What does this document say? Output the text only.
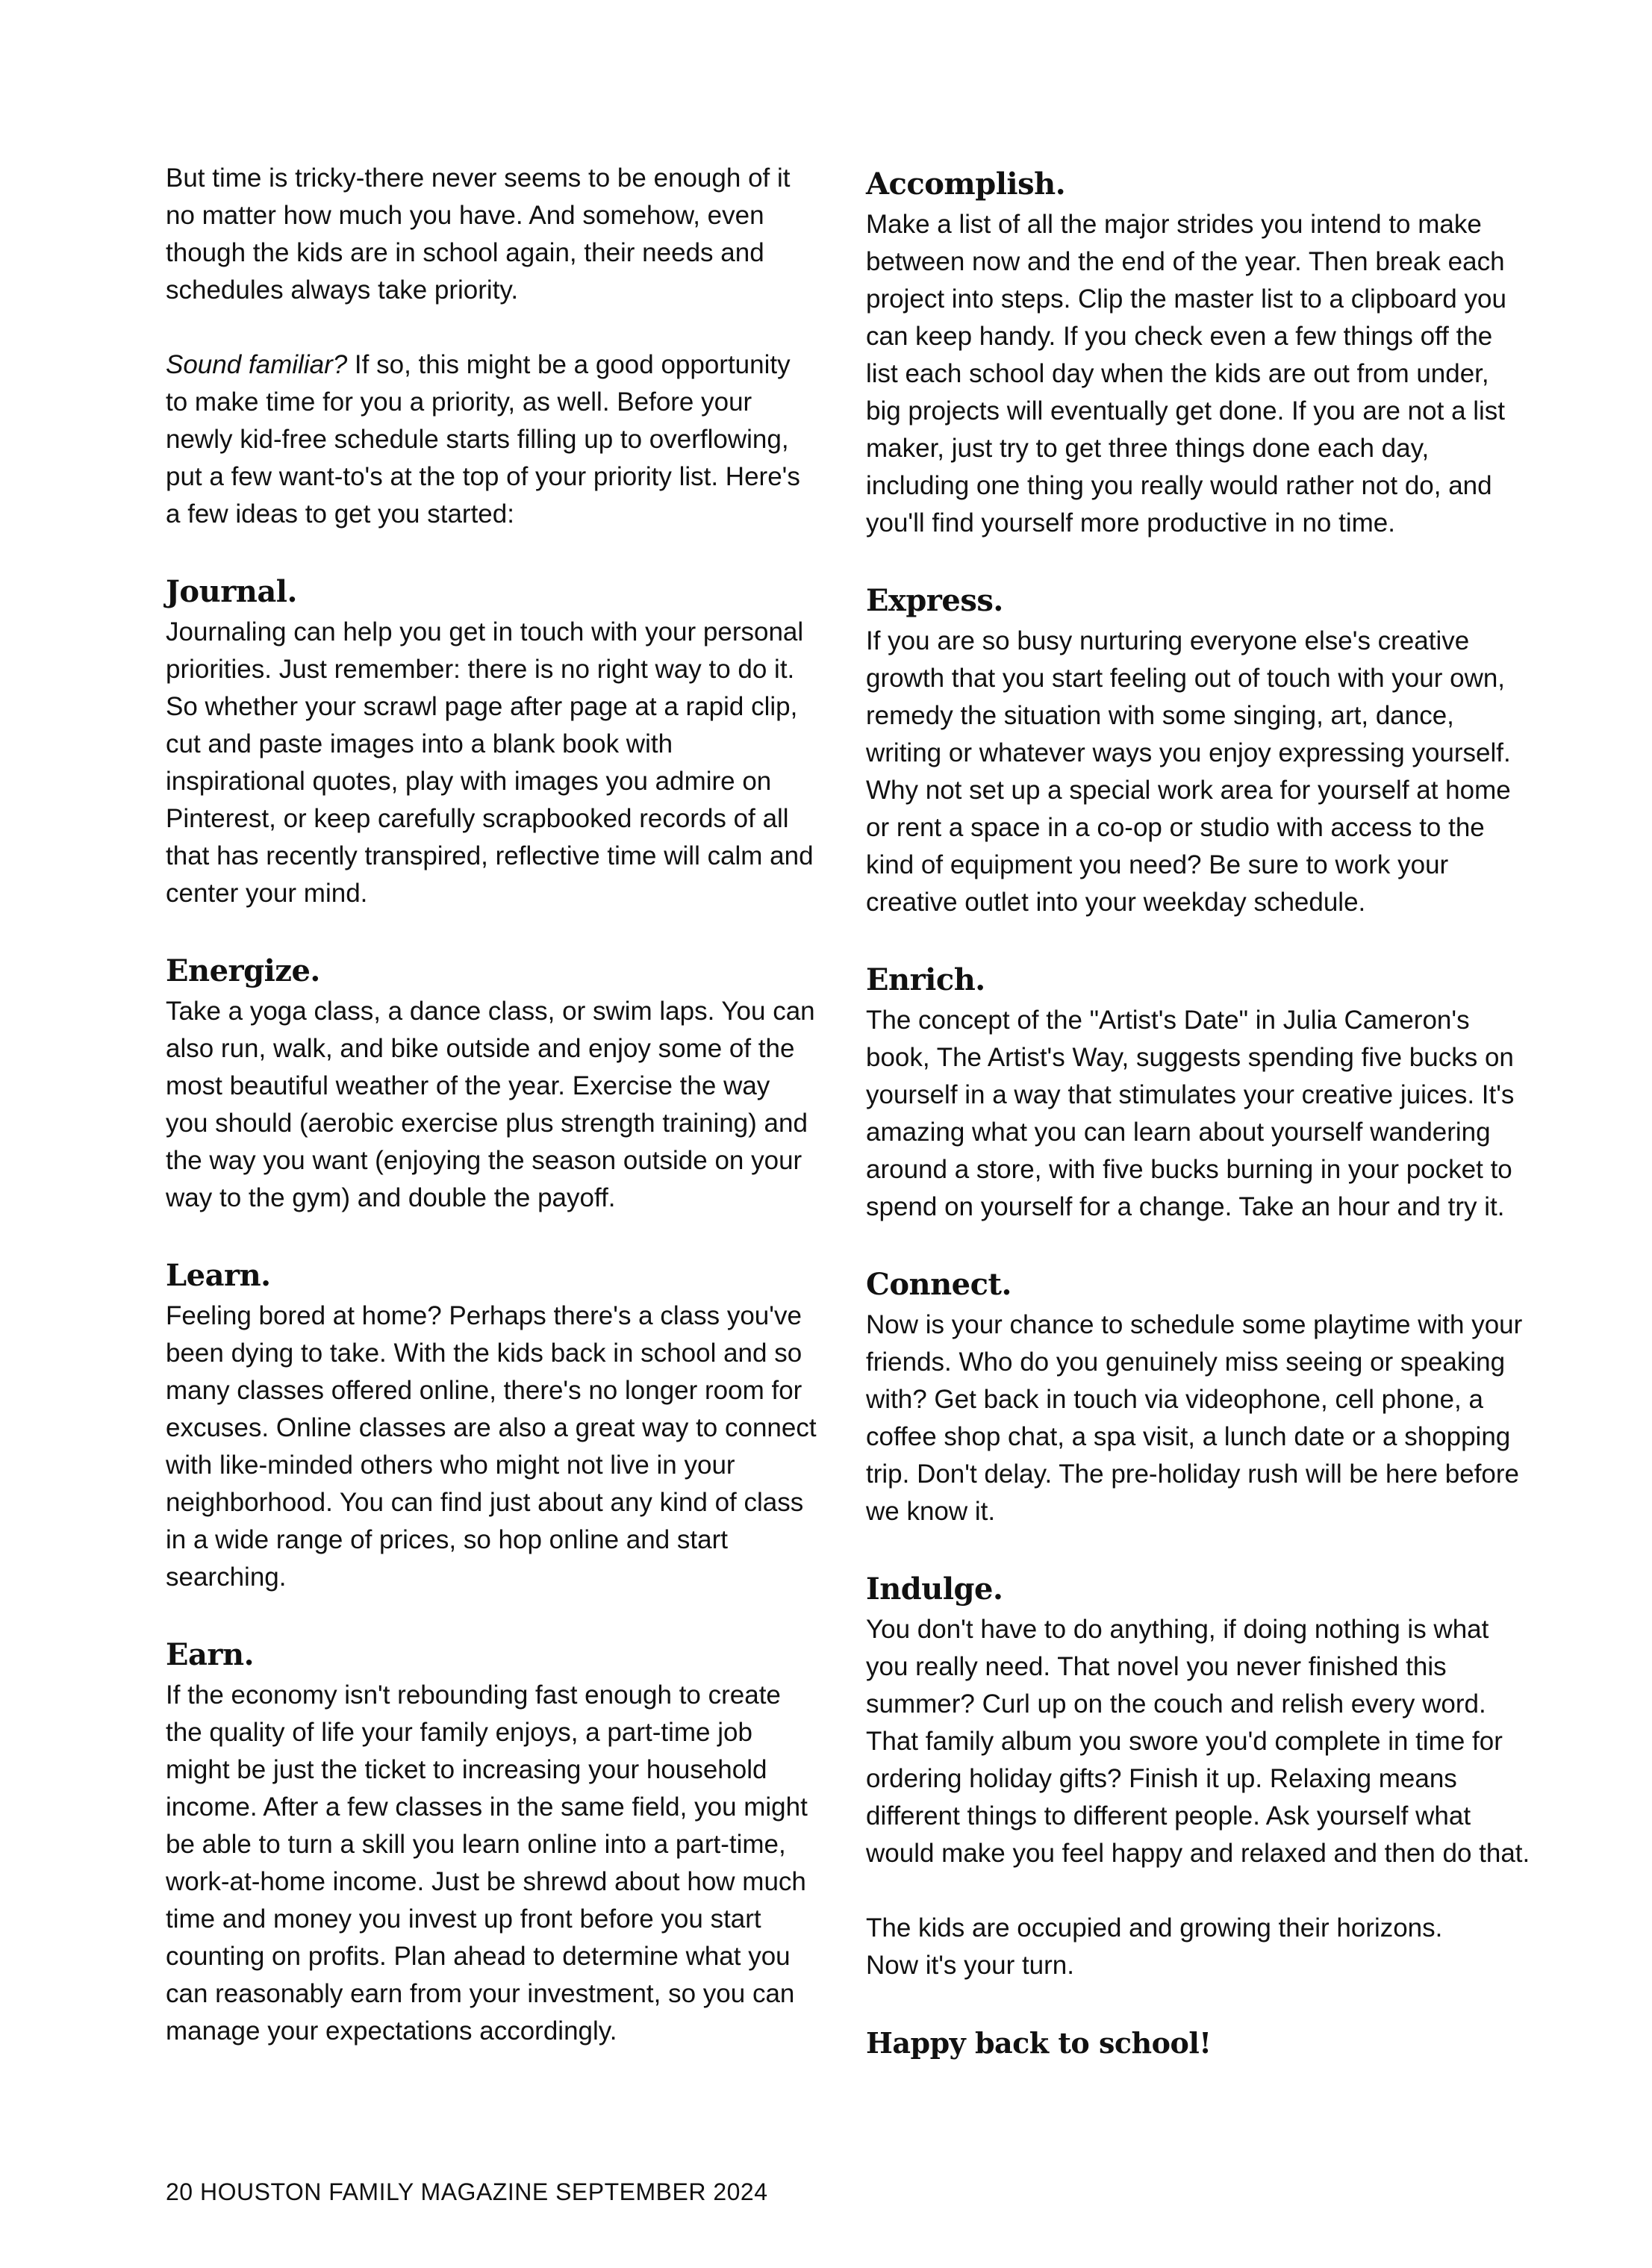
But time is tricky-there never seems to be enough of it no matter how much you have. And somehow, even though the kids are in school again, their needs and schedules always take priority.

Sound familiar? If so, this might be a good opportunity to make time for you a priority, as well. Before your newly kid-free schedule starts filling up to overflowing, put a few want-to's at the top of your priority list. Here's a few ideas to get you started:

Journal.

Journaling can help you get in touch with your personal priorities. Just remember: there is no right way to do it. So whether your scrawl page after page at a rapid clip, cut and paste images into a blank book with inspirational quotes, play with images you admire on Pinterest, or keep carefully scrapbooked records of all that has recently transpired, reflective time will calm and center your mind.

Energize.

Take a yoga class, a dance class, or swim laps. You can also run, walk, and bike outside and enjoy some of the most beautiful weather of the year. Exercise the way you should (aerobic exercise plus strength training) and the way you want (enjoying the season outside on your way to the gym) and double the payoff.

Learn.

Feeling bored at home? Perhaps there's a class you've been dying to take. With the kids back in school and so many classes offered online, there's no longer room for excuses. Online classes are also a great way to connect with like-minded others who might not live in your neighborhood. You can find just about any kind of class in a wide range of prices, so hop online and start searching.

Earn.

If the economy isn't rebounding fast enough to create the quality of life your family enjoys, a part-time job might be just the ticket to increasing your household income. After a few classes in the same field, you might be able to turn a skill you learn online into a part-time, work-at-home income. Just be shrewd about how much time and money you invest up front before you start counting on profits. Plan ahead to determine what you can reasonably earn from your investment, so you can manage your expectations accordingly.

Accomplish.

Make a list of all the major strides you intend to make between now and the end of the year. Then break each project into steps. Clip the master list to a clipboard you can keep handy. If you check even a few things off the list each school day when the kids are out from under, big projects will eventually get done. If you are not a list maker, just try to get three things done each day, including one thing you really would rather not do, and you'll find yourself more productive in no time.

Express.

If you are so busy nurturing everyone else's creative growth that you start feeling out of touch with your own, remedy the situation with some singing, art, dance, writing or whatever ways you enjoy expressing yourself. Why not set up a special work area for yourself at home or rent a space in a co-op or studio with access to the kind of equipment you need? Be sure to work your creative outlet into your weekday schedule.

Enrich.

The concept of the "Artist's Date" in Julia Cameron's book, The Artist's Way, suggests spending five bucks on yourself in a way that stimulates your creative juices. It's amazing what you can learn about yourself wandering around a store, with five bucks burning in your pocket to spend on yourself for a change. Take an hour and try it.

Connect.

Now is your chance to schedule some playtime with your friends. Who do you genuinely miss seeing or speaking with? Get back in touch via videophone, cell phone, a coffee shop chat, a spa visit, a lunch date or a shopping trip. Don't delay. The pre-holiday rush will be here before we know it.

Indulge.

You don't have to do anything, if doing nothing is what you really need. That novel you never finished this summer? Curl up on the couch and relish every word. That family album you swore you'd complete in time for ordering holiday gifts? Finish it up. Relaxing means different things to different people. Ask yourself what would make you feel happy and relaxed and then do that.

The kids are occupied and growing their horizons.
Now it's your turn.
Happy back to school!
20 HOUSTON FAMILY MAGAZINE SEPTEMBER 2024
